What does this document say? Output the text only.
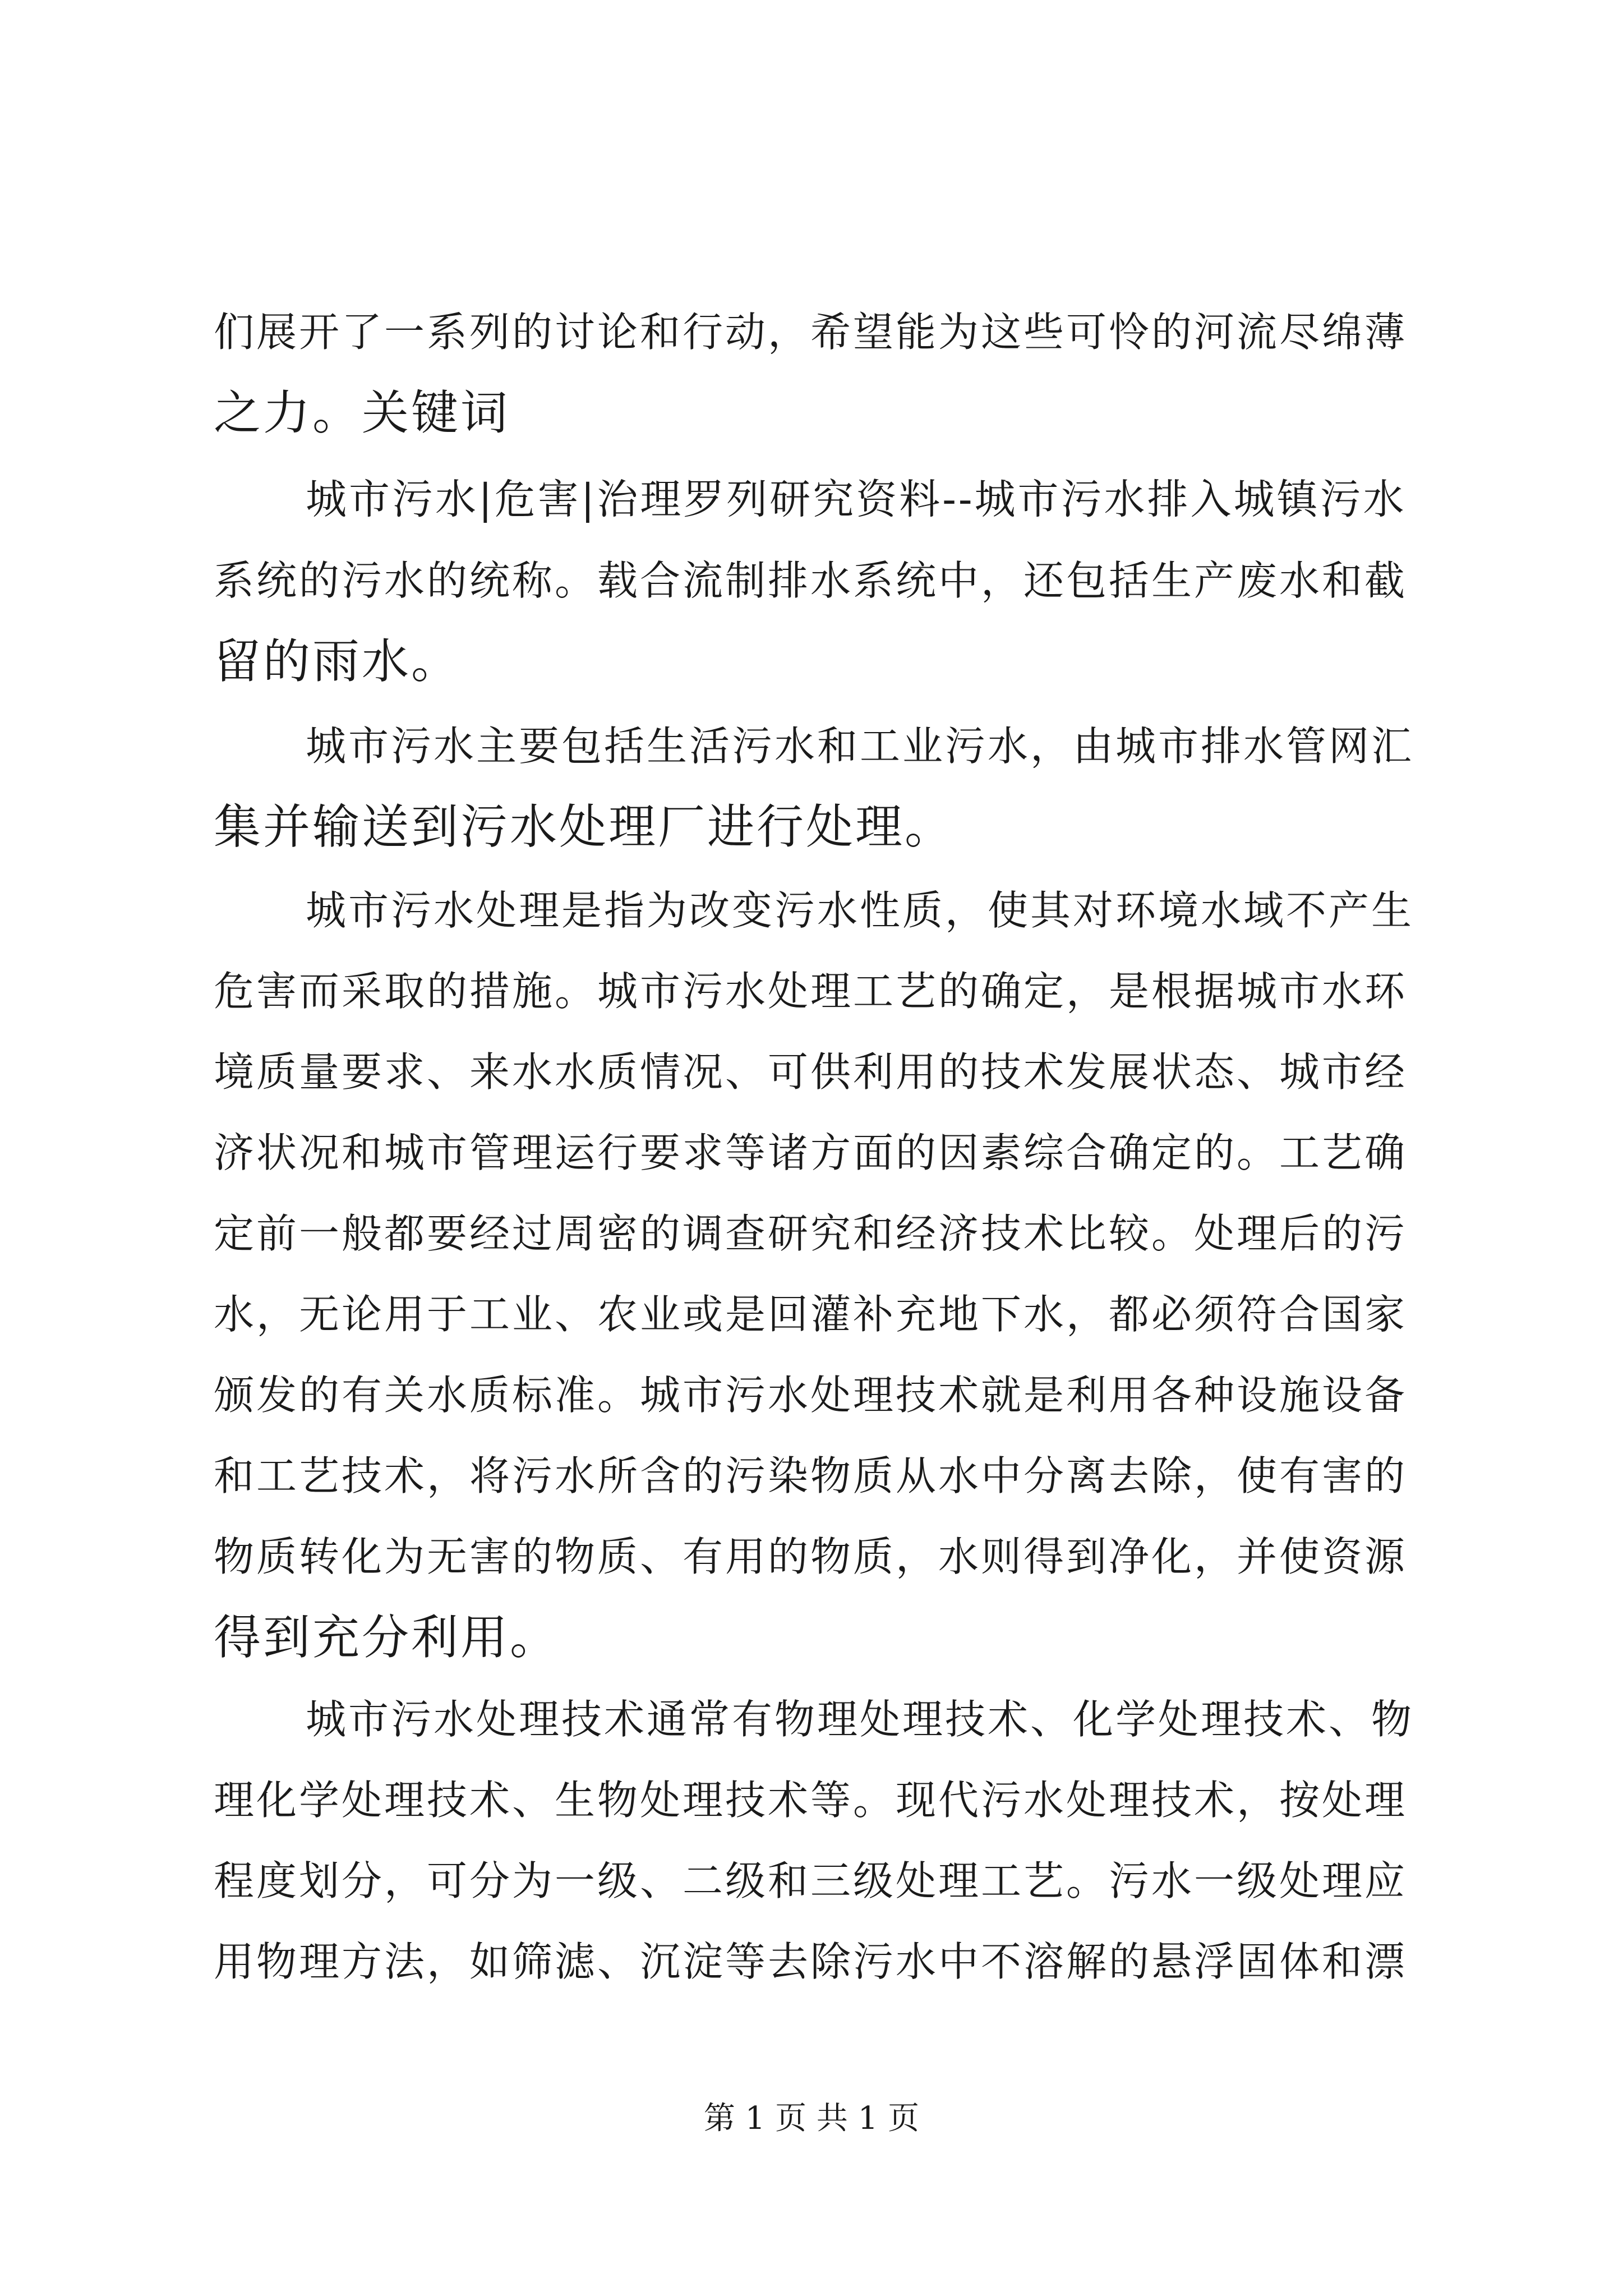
们展开了一系列的讨论和行动，希望能为这些可怜的河流尽绵薄
之力。关键词
城市污水|危害|治理罗列研究资料--城市污水排入城镇污水
系统的污水的统称。载合流制排水系统中，还包括生产废水和截
留的雨水。
城市污水主要包括生活污水和工业污水，由城市排水管网汇
集并输送到污水处理厂进行处理。
城市污水处理是指为改变污水性质，使其对环境水域不产生
危害而采取的措施。城市污水处理工艺的确定，是根据城市水环
境质量要求、来水水质情况、可供利用的技术发展状态、城市经
济状况和城市管理运行要求等诸方面的因素综合确定的。工艺确
定前一般都要经过周密的调查研究和经济技术比较。处理后的污
水，无论用于工业、农业或是回灌补充地下水，都必须符合国家
颁发的有关水质标准。城市污水处理技术就是利用各种设施设备
和工艺技术，将污水所含的污染物质从水中分离去除，使有害的
物质转化为无害的物质、有用的物质，水则得到净化，并使资源
得到充分利用。
城市污水处理技术通常有物理处理技术、化学处理技术、物
理化学处理技术、生物处理技术等。现代污水处理技术，按处理
程度划分，可分为一级、二级和三级处理工艺。污水一级处理应
用物理方法，如筛滤、沉淀等去除污水中不溶解的悬浮固体和漂
第 1 页 共 1 页
